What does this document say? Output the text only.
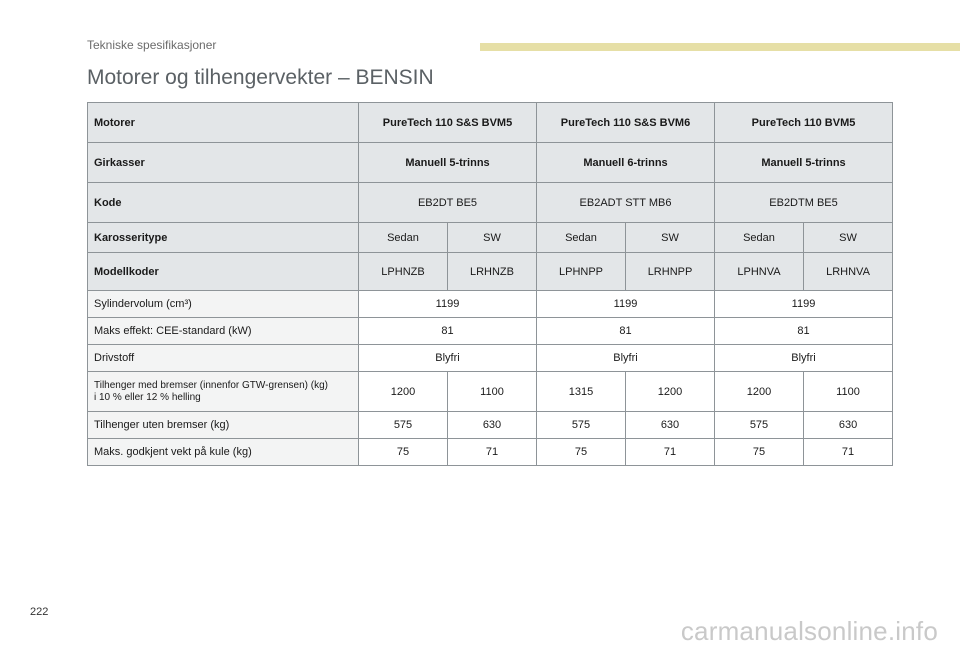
Tekniske spesifikasjoner
Motorer og tilhengervekter – BENSIN
Motorer	PureTech 110 S&S BVM5		PureTech 110 S&S BVM6		PureTech 110 BVM5	
Girkasser	Manuell 5-trinns		Manuell 6-trinns		Manuell 5-trinns	
Kode	EB2DT BE5		EB2ADT STT MB6		EB2DTM BE5	
Karosseritype	Sedan	SW	Sedan	SW	Sedan	SW
Modellkoder	LPHNZB	LRHNZB	LPHNPP	LRHNPP	LPHNVA	LRHNVA
Sylindervolum (cm³)	1199		1199		1199	
Maks effekt: CEE-standard (kW)	81		81		81	
Drivstoff	Blyfri		Blyfri		Blyfri	
Tilhenger med bremser (innenfor GTW-grensen) (kg)
i 10 % eller 12 % helling	1200	1100	1315	1200	1200	1100
Tilhenger uten bremser (kg)	575	630	575	630	575	630
Maks. godkjent vekt på kule (kg)	75	71	75	71	75	71
222
carmanualsonline.info
